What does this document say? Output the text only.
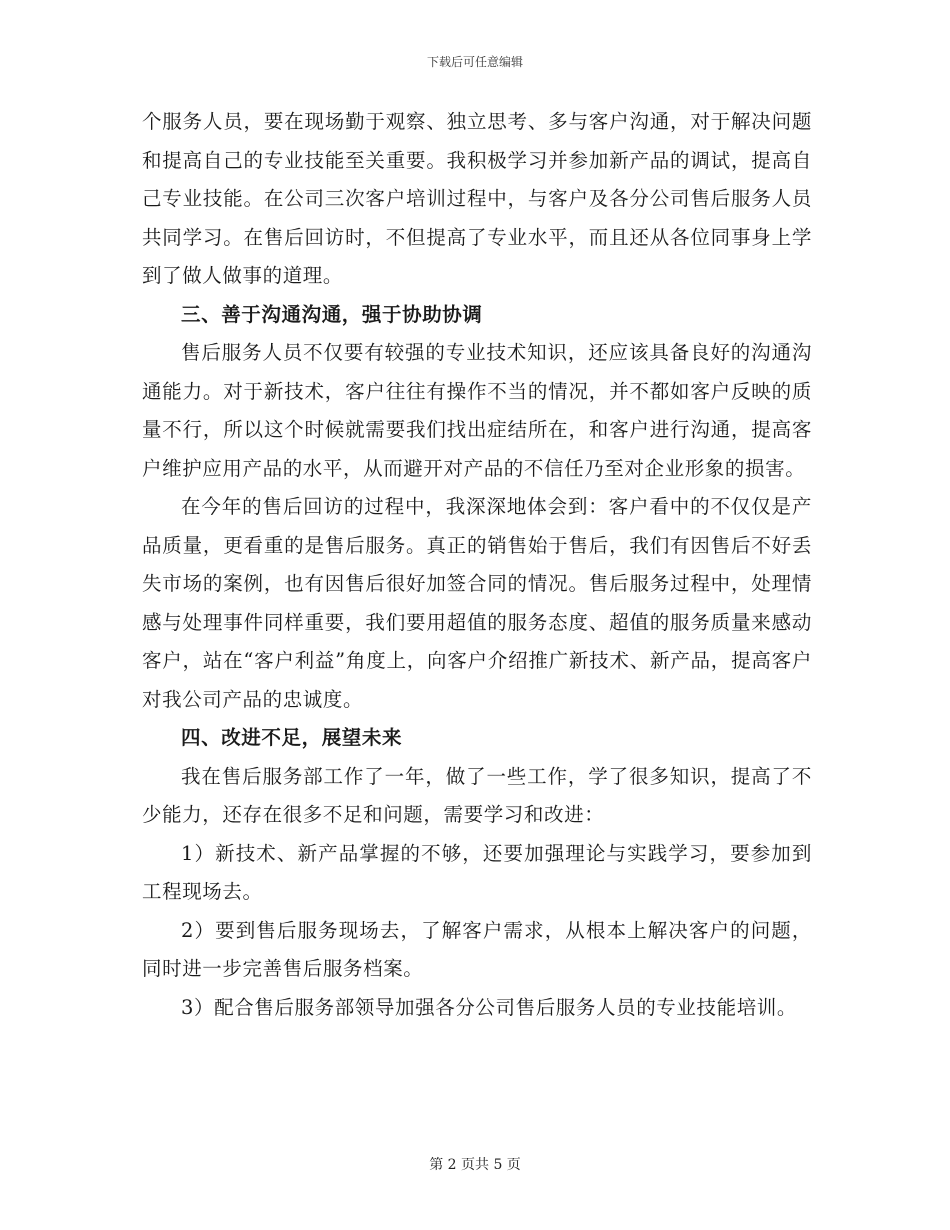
下载后可任意编辑

个服务人员，要在现场勤于观察、独立思考、多与客户沟通，对于解决问题和提高自己的专业技能至关重要。我积极学习并参加新产品的调试，提高自己专业技能。在公司三次客户培训过程中，与客户及各分公司售后服务人员共同学习。在售后回访时，不但提高了专业水平，而且还从各位同事身上学到了做人做事的道理。

三、善于沟通沟通，强于协助协调

售后服务人员不仅要有较强的专业技术知识，还应该具备良好的沟通沟通能力。对于新技术，客户往往有操作不当的情况，并不都如客户反映的质量不行，所以这个时候就需要我们找出症结所在，和客户进行沟通，提高客户维护应用产品的水平，从而避开对产品的不信任乃至对企业形象的损害。

在今年的售后回访的过程中，我深深地体会到：客户看中的不仅仅是产品质量，更看重的是售后服务。真正的销售始于售后，我们有因售后不好丢失市场的案例，也有因售后很好加签合同的情况。售后服务过程中，处理情感与处理事件同样重要，我们要用超值的服务态度、超值的服务质量来感动客户，站在“客户利益”角度上，向客户介绍推广新技术、新产品，提高客户对我公司产品的忠诚度。

四、改进不足，展望未来

我在售后服务部工作了一年，做了一些工作，学了很多知识，提高了不少能力，还存在很多不足和问题，需要学习和改进：

1）新技术、新产品掌握的不够，还要加强理论与实践学习，要参加到工程现场去。

2）要到售后服务现场去，了解客户需求，从根本上解决客户的问题，同时进一步完善售后服务档案。

3）配合售后服务部领导加强各分公司售后服务人员的专业技能培训。

第 2 页共 5 页
